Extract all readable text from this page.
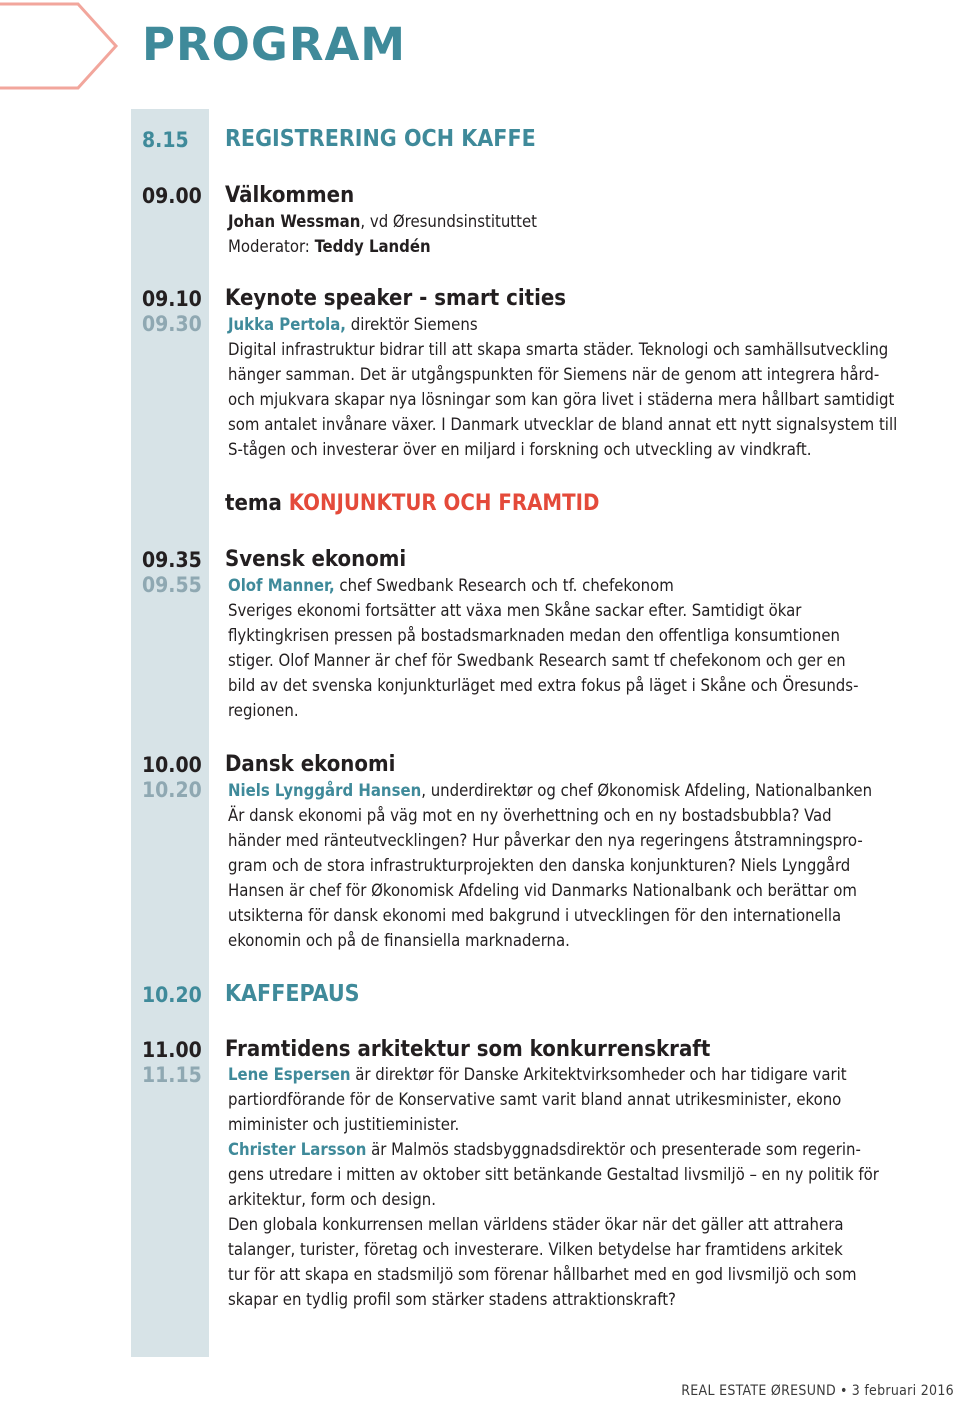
PROGRAM
8.15 REGISTRERING OCH KAFFE
09.00 Välkommen
Johan Wessman, vd Øresundsinstituttet
Moderator: Teddy Landén
09.10
09.30
Keynote speaker - smart cities
Jukka Pertola, direktör Siemens
Digital infrastruktur bidrar till att skapa smarta städer. Teknologi och samhällsutveckling
hänger samman. Det är utgångspunkten för Siemens när de genom att integrera hård-
och mjukvara skapar nya lösningar som kan göra livet i städerna mera hållbart samtidigt
som antalet invånare växer. I Danmark utvecklar de bland annat ett nytt signalsystem till
S-tågen och investerar över en miljard i forskning och utveckling av vindkraft.
tema KONJUNKTUR OCH FRAMTID
09.35
09.55
Svensk ekonomi
Olof Manner, chef Swedbank Research och tf. chefekonom
Sveriges ekonomi fortsätter att växa men Skåne sackar efter. Samtidigt ökar
flyktingkrisen pressen på bostadsmarknaden medan den offentliga konsumtionen
stiger. Olof Manner är chef för Swedbank Research samt tf chefekonom och ger en
bild av det svenska konjunkturläget med extra fokus på läget i Skåne och Öresunds-
regionen.
10.00
10.20
Dansk ekonomi
Niels Lynggård Hansen, underdirektør og chef Økonomisk Afdeling, Nationalbanken
Är dansk ekonomi på väg mot en ny överhettning och en ny bostadsbubbla? Vad
händer med ränteutvecklingen? Hur påverkar den nya regeringens åtstramningspro-
gram och de stora infrastrukturprojekten den danska konjunkturen? Niels Lynggård
Hansen är chef för Økonomisk Afdeling vid Danmarks Nationalbank och berättar om
utsikterna för dansk ekonomi med bakgrund i utvecklingen för den internationella
ekonomin och på de finansiella marknaderna.
10.20 KAFFEPAUS
11.00
11.15
Framtidens arkitektur som konkurrenskraft
Lene Espersen är direktør för Danske Arkitektvirksomheder och har tidigare varit
partiordförande för de Konservative samt varit bland annat utrikesminister, ekono
miminister och justitieminister.
Christer Larsson är Malmös stadsbyggnadsdirektör och presenterade som regerin-
gens utredare i mitten av oktober sitt betänkande Gestaltad livsmiljö – en ny politik för
arkitektur, form och design.
Den globala konkurrensen mellan världens städer ökar när det gäller att attrahera
talanger, turister, företag och investerare. Vilken betydelse har framtidens arkitek
tur för att skapa en stadsmiljö som förenar hållbarhet med en god livsmiljö och som
skapar en tydlig profil som stärker stadens attraktionskraft?
REAL ESTATE ØRESUND • 3 februari 2016
